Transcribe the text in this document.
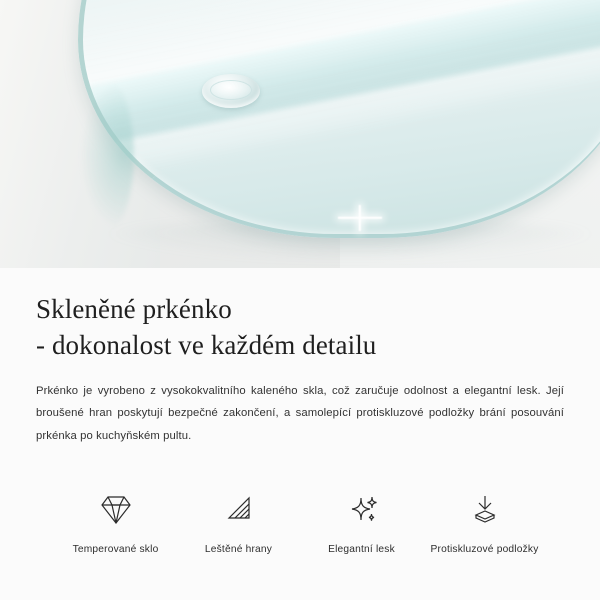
Skleněné prkénko
- dokonalost ve každém detailu

Prkénko je vyrobeno z vysokokvalitního kaleného skla, což zaručuje odolnost a elegantní lesk. Její broušené hran poskytují bezpečné zakončení, a samolepící protiskluzové podložky brání posouvání prkénka po kuchyňském pultu.

Temperované sklo	Leštěné hrany	Elegantní lesk	Protiskluzové podložky
